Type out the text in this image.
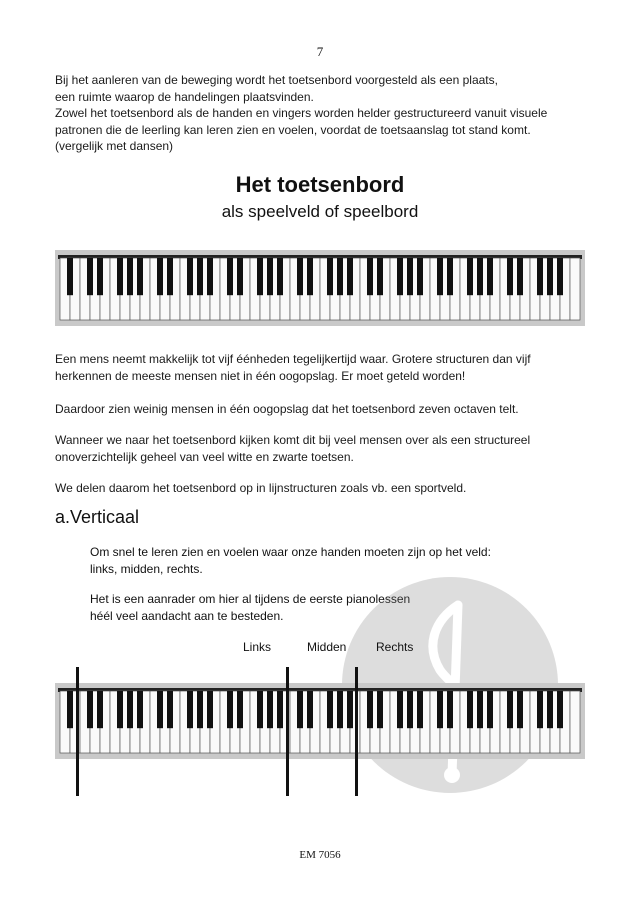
7
Bij het aanleren van de beweging wordt het toetsenbord voorgesteld als een plaats,
een ruimte waarop de handelingen plaatsvinden.
Zowel het toetsenbord als de handen en vingers worden helder gestructureerd vanuit visuele
patronen die de leerling kan leren zien en voelen, voordat de toetsaanslag tot stand komt.
(vergelijk met dansen)
Het toetsenbord
als speelveld of speelbord
Een mens neemt makkelijk tot vijf éénheden tegelijkertijd waar. Grotere structuren dan vijf
herkennen de meeste mensen niet in één oogopslag. Er moet geteld worden!
Daardoor zien weinig mensen in één oogopslag dat het toetsenbord zeven octaven telt.
Wanneer we naar het toetsenbord kijken komt dit bij veel mensen over als een structureel
onoverzichtelijk geheel van veel witte en zwarte toetsen.
We delen daarom het toetsenbord op in lijnstructuren zoals vb. een sportveld.
a.Verticaal
Om snel te leren zien en voelen waar onze handen moeten zijn op het veld:
links, midden, rechts.
Het is een aanrader om hier al tijdens de eerste pianolessen
héél veel aandacht aan te besteden.
Links	Midden Rechts
EM 7056
